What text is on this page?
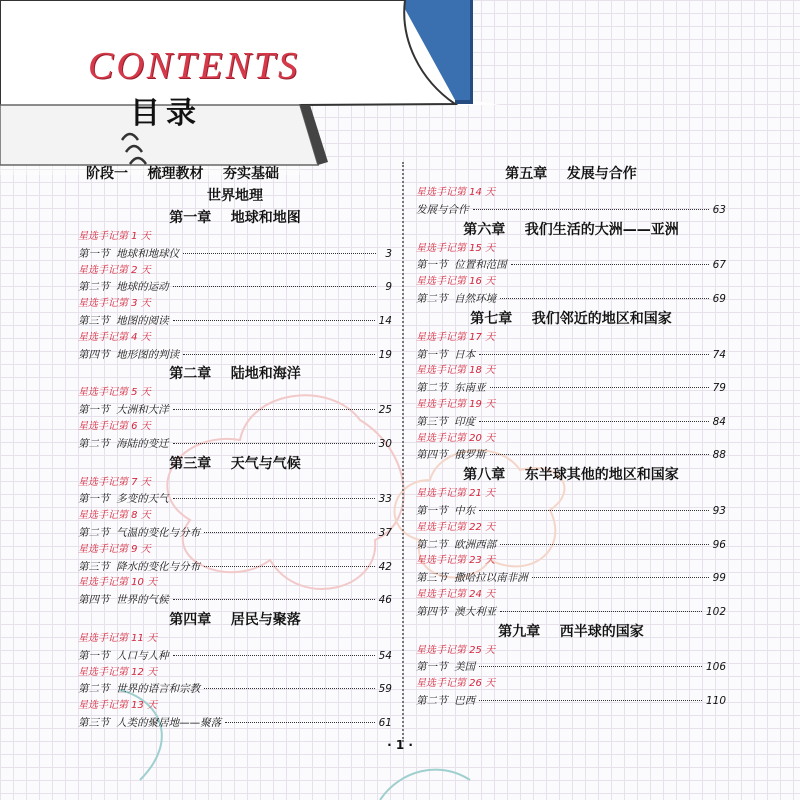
CONTENTS
目录
阶段一    梳理教材    夯实基础
世界地理
第一章    地球和地图
星选手记第 1 天
第一节  地球和地球仪	3
星选手记第 2 天
第二节  地球的运动	9
星选手记第 3 天
第三节  地图的阅读	14
星选手记第 4 天
第四节  地形图的判读	19
第二章    陆地和海洋
星选手记第 5 天
第一节  大洲和大洋	25
星选手记第 6 天
第二节  海陆的变迁	30
第三章    天气与气候
星选手记第 7 天
第一节  多变的天气	33
星选手记第 8 天
第二节  气温的变化与分布	37
星选手记第 9 天
第三节  降水的变化与分布	42
星选手记第 10 天
第四节  世界的气候	46
第四章    居民与聚落
星选手记第 11 天
第一节  人口与人种	54
星选手记第 12 天
第二节  世界的语言和宗教	59
星选手记第 13 天
第三节  人类的聚居地——聚落	61
第五章    发展与合作
星选手记第 14 天
发展与合作	63
第六章    我们生活的大洲——亚洲
星选手记第 15 天
第一节  位置和范围	67
星选手记第 16 天
第二节  自然环境	69
第七章    我们邻近的地区和国家
星选手记第 17 天
第一节  日本	74
星选手记第 18 天
第二节  东南亚	79
星选手记第 19 天
第三节  印度	84
星选手记第 20 天
第四节  俄罗斯	88
第八章    东半球其他的地区和国家
星选手记第 21 天
第一节  中东	93
星选手记第 22 天
第二节  欧洲西部	96
星选手记第 23 天
第三节  撒哈拉以南非洲	99
星选手记第 24 天
第四节  澳大利亚	102
第九章    西半球的国家
星选手记第 25 天
第一节  美国	106
星选手记第 26 天
第二节  巴西	110
· 1 ·
